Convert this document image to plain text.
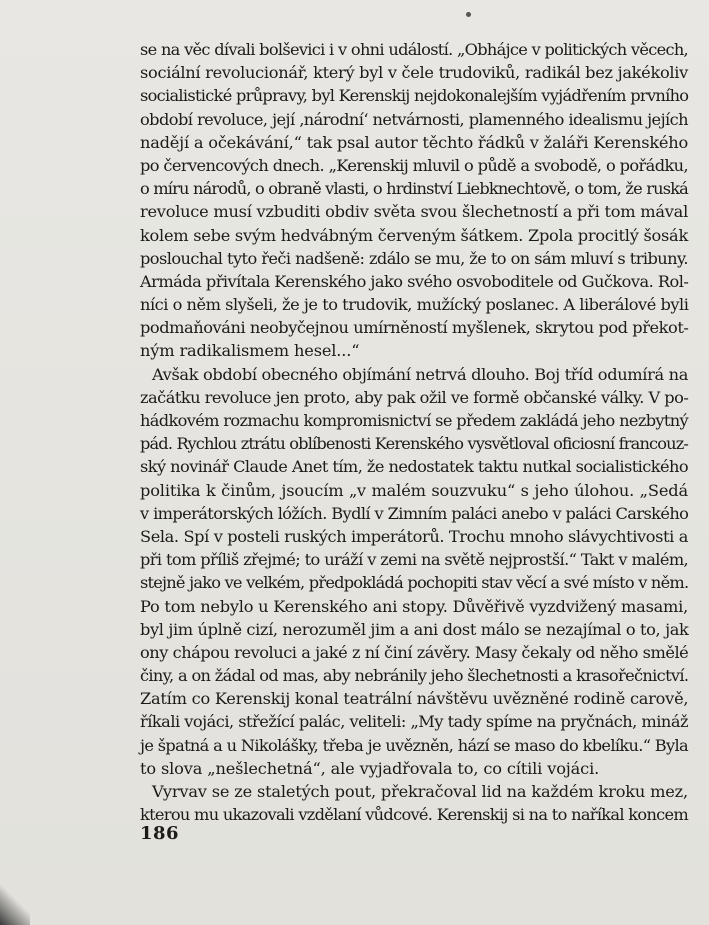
se na věc dívali bolševici i v ohni událostí. „Obhájce v politických věcech,
sociální revolucionář, který byl v čele trudoviků, radikál bez jakékoliv
socialistické průpravy, byl Kerenskij nejdokonalejším vyjádřením prvního
období revoluce, její ‚národní‘ netvárnosti, plamenného idealismu jejích
nadějí a očekávání,“ tak psal autor těchto řádků v žaláři Kerenského
po červencových dnech. „Kerenskij mluvil o půdě a svobodě, o pořádku,
o míru národů, o obraně vlasti, o hrdinství Liebknechtově, o tom, že ruská
revoluce musí vzbuditi obdiv světa svou šlechetností a při tom mával
kolem sebe svým hedvábným červeným šátkem. Zpola procitlý šosák
poslouchal tyto řeči nadšeně: zdálo se mu, že to on sám mluví s tribuny.
Armáda přivítala Kerenského jako svého osvoboditele od Gučkova. Rol-
níci o něm slyšeli, že je to trudovik, mužícký poslanec. A liberálové byli
podmaňováni neobyčejnou umírněností myšlenek, skrytou pod překot-
ným radikalismem hesel...“
Avšak období obecného objímání netrvá dlouho. Boj tříd odumírá na
začátku revoluce jen proto, aby pak ožil ve formě občanské války. V po-
hádkovém rozmachu kompromisnictví se předem zakládá jeho nezbytný
pád. Rychlou ztrátu oblíbenosti Kerenského vysvětloval oficiosní francouz-
ský novinář Claude Anet tím, že nedostatek taktu nutkal socialistického
politika k činům, jsoucím „v malém souzvuku“ s jeho úlohou. „Sedá
v imperátorských lóžích. Bydlí v Zimním paláci anebo v paláci Carského
Sela. Spí v posteli ruských imperátorů. Trochu mnoho slávychtivosti a
při tom příliš zřejmé; to uráží v zemi na světě nejprostší.“ Takt v malém,
stejně jako ve velkém, předpokládá pochopiti stav věcí a své místo v něm.
Po tom nebylo u Kerenského ani stopy. Důvěřivě vyzdvižený masami,
byl jim úplně cizí, nerozuměl jim a ani dost málo se nezajímal o to, jak
ony chápou revoluci a jaké z ní činí závěry. Masy čekaly od něho smělé
činy, a on žádal od mas, aby nebránily jeho šlechetnosti a krasořečnictví.
Zatím co Kerenskij konal teatrální návštěvu uvězněné rodině carově,
říkali vojáci, střežící palác, veliteli: „My tady spíme na pryčnách, mináž
je špatná a u Nikolášky, třeba je uvězněn, hází se maso do kbelíku.“ Byla
to slova „nešlechetná“, ale vyjadřovala to, co cítili vojáci.
Vyrvav se ze staletých pout, překračoval lid na každém kroku mez,
kterou mu ukazovali vzdělaní vůdcové. Kerenskij si na to naříkal koncem
186
